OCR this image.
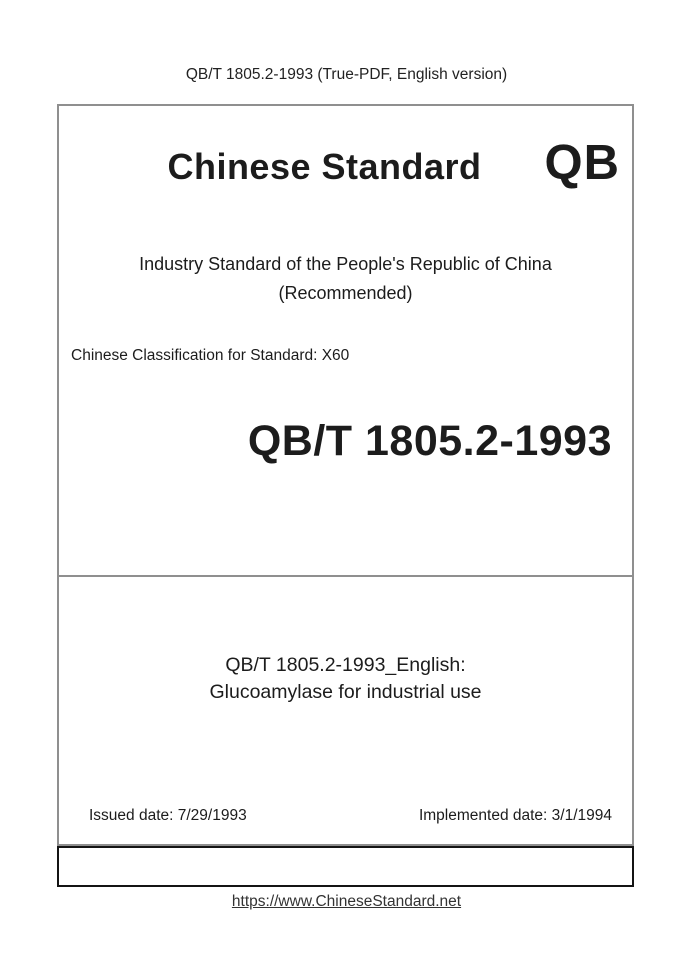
QB/T 1805.2-1993 (True-PDF, English version)
Chinese Standard	QB
Industry Standard of the People's Republic of China
(Recommended)
Chinese Classification for Standard: X60
QB/T 1805.2-1993
QB/T 1805.2-1993_English:
Glucoamylase for industrial use
Issued date: 7/29/1993	Implemented date: 3/1/1994
https://www.ChineseStandard.net
